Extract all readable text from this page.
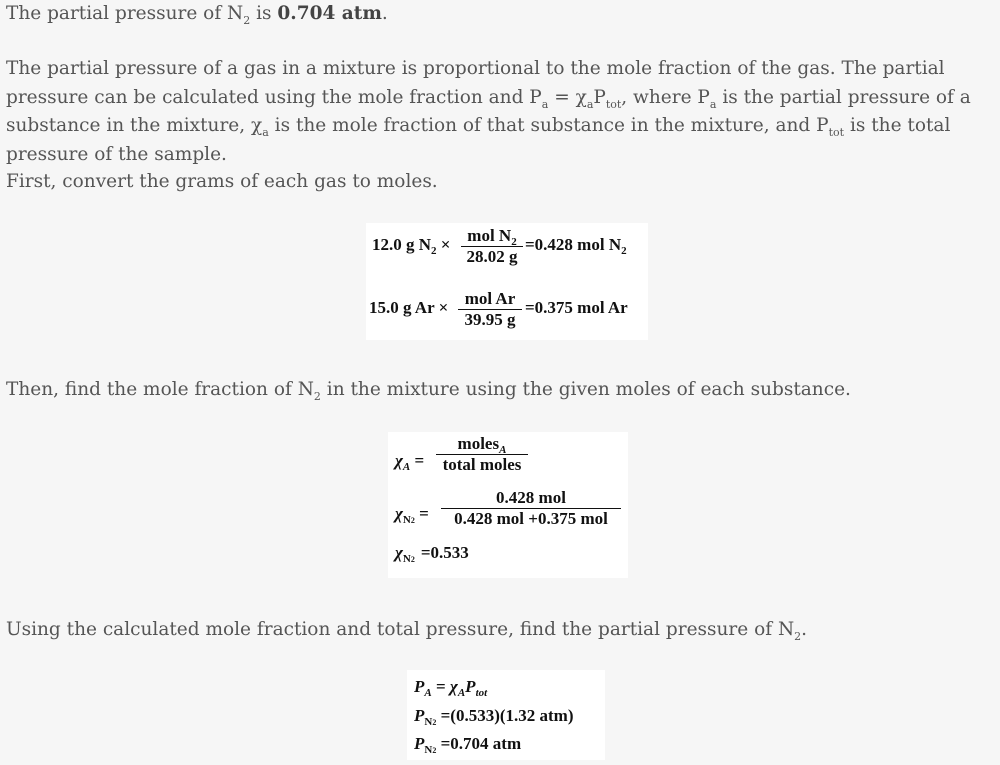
The partial pressure of $N_2$ is 0.704 atm.

The partial pressure of a gas in a mixture is proportional to the mole fraction of the gas. The partial pressure can be calculated using the mole fraction and $P_a = \chi_aP_{tot}$, where $P_a$ is the partial pressure of a substance in the mixture, $\chi_a$ is the mole fraction of that substance in the mixture, and $P_{tot}$ is the total pressure of the sample.

First, convert the grams of each gas to moles.

12.0 g $N_2$ × mol $N_2$
28.02 g
=0.428 mol $N_2$
15.0 g Ar × mol Ar
39.95 g
=0.375 mol Ar

Then, find the mole fraction of $N_2$ in the mixture using the given moles of each substance.

$\chi_A$ =
moles$_A$
total moles
$\chi_{N2}$ =
0.428 mol
0.428 mol +0.375 mol
$\chi_{N2} =0.533$

Using the calculated mole fraction and total pressure, find the partial pressure of $N_2$.

$P_A = \chi_AP_{tot}$
$P_{N2} =(0.533)(1.32$ atm)
$P_{N2} =0.704$ atm
